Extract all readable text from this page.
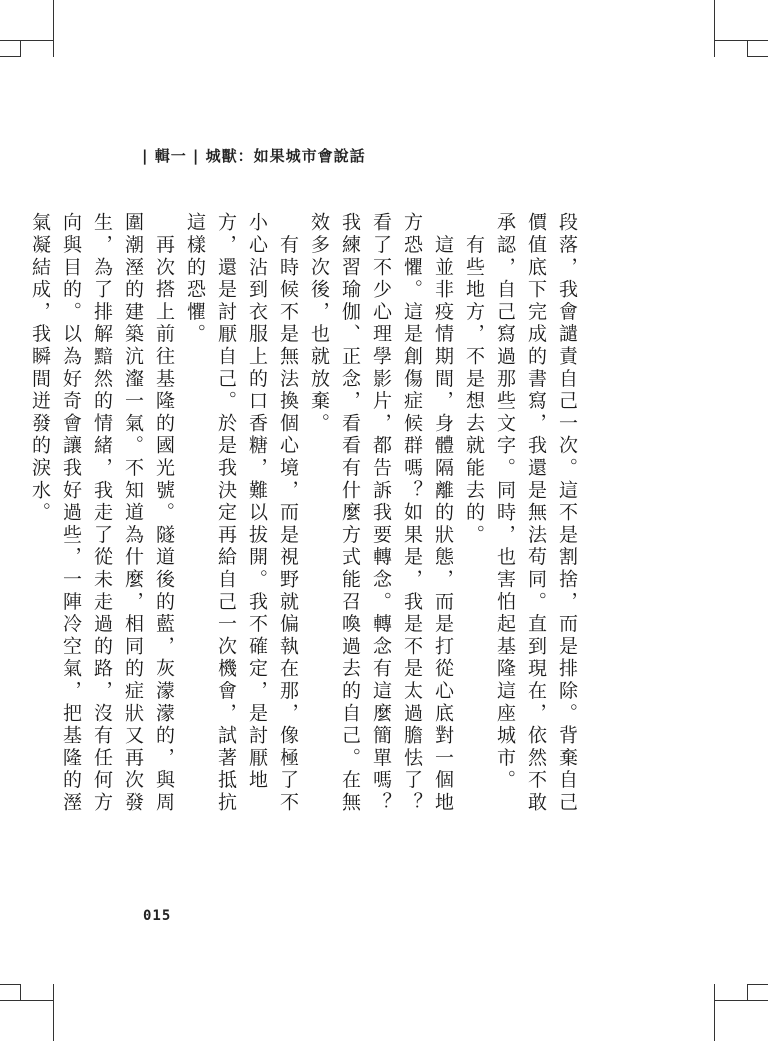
| 輯一 | 城獸：如果城市會說話

段落，我會譴責自己一次。這不是割捨，而是排除。背棄自己價值底下完成的書寫，我還是無法苟同。直到現在，依然不敢承認，自己寫過那些文字。同時，也害怕起基隆這座城市。

　有些地方，不是想去就能去的。

　這並非疫情期間，身體隔離的狀態，而是打從心底對一個地方恐懼。這是創傷症候群嗎？如果是，我是不是太過膽怯了？看了不少心理學影片，都告訴我要轉念。轉念有這麼簡單嗎？我練習瑜伽、正念，看看有什麼方式能召喚過去的自己。在無效多次後，也就放棄。

　有時候不是無法換個心境，而是視野就偏執在那，像極了不小心沾到衣服上的口香糖，難以拔開。我不確定，是討厭地方，還是討厭自己。於是我決定再給自己一次機會，試著抵抗這樣的恐懼。

　再次搭上前往基隆的國光號。隧道後的藍，灰濛濛的，與周圍潮溼的建築沆瀣一氣。不知道為什麼，相同的症狀又再次發生，為了排解黯然的情緒，我走了從未走過的路，沒有任何方向與目的。以為好奇會讓我好過些，一陣冷空氣，把基隆的溼氣凝結成，我瞬間迸發的淚水。

015
